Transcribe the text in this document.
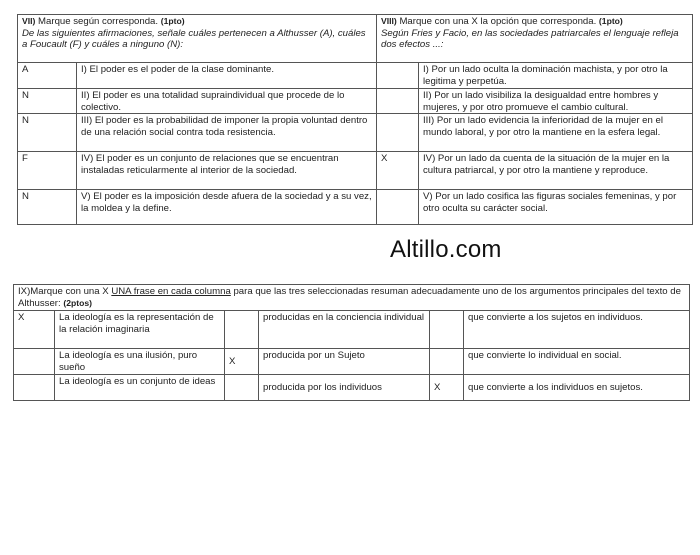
VII) Marque según corresponda. (1pto)
De las siguientes afirmaciones, señale cuáles pertenecen a Althusser (A), cuáles a Foucault (F) y cuáles a ninguno (N):		VIII) Marque con una X la opción que corresponda. (1pto)
Según Fries y Facio, en las sociedades patriarcales el lenguaje refleja dos efectos ...:	
A	I) El poder es el poder de la clase dominante.		I) Por un lado oculta la dominación machista, y por otro la legitima y perpetúa.
N	II) El poder es una totalidad supraindividual que procede de lo colectivo.		II) Por un lado visibiliza la desigualdad entre hombres y mujeres, y por otro promueve el cambio cultural.
N	III) El poder es la probabilidad de imponer la propia voluntad dentro de una relación social contra toda resistencia.		III) Por un lado evidencia la inferioridad de la mujer en el mundo laboral, y por otro la mantiene en la esfera legal.
F	IV) El poder es un conjunto de relaciones que se encuentran instaladas reticularmente al interior de la sociedad.	X	IV) Por un lado da cuenta de la situación de la mujer en la cultura patriarcal, y por otro la mantiene y reproduce.
N	V) El poder es la imposición desde afuera de la sociedad y a su vez, la moldea y la define.		V) Por un lado cosifica las figuras sociales femeninas, y por otro oculta su carácter social.
Altillo.com
IX)Marque con una X UNA frase en cada columna para que las tres seleccionadas resuman adecuadamente uno de los argumentos principales del texto de Althusser: (2ptos)					
X	La ideología es la representación de la relación imaginaria		producidas en la conciencia individual		que convierte a los sujetos en individuos.
	La ideología es una ilusión, puro sueño	X	producida por un Sujeto		que convierte lo individual en social.
	La ideología es un conjunto de ideas		producida por los individuos	X	que convierte a los individuos en sujetos.
